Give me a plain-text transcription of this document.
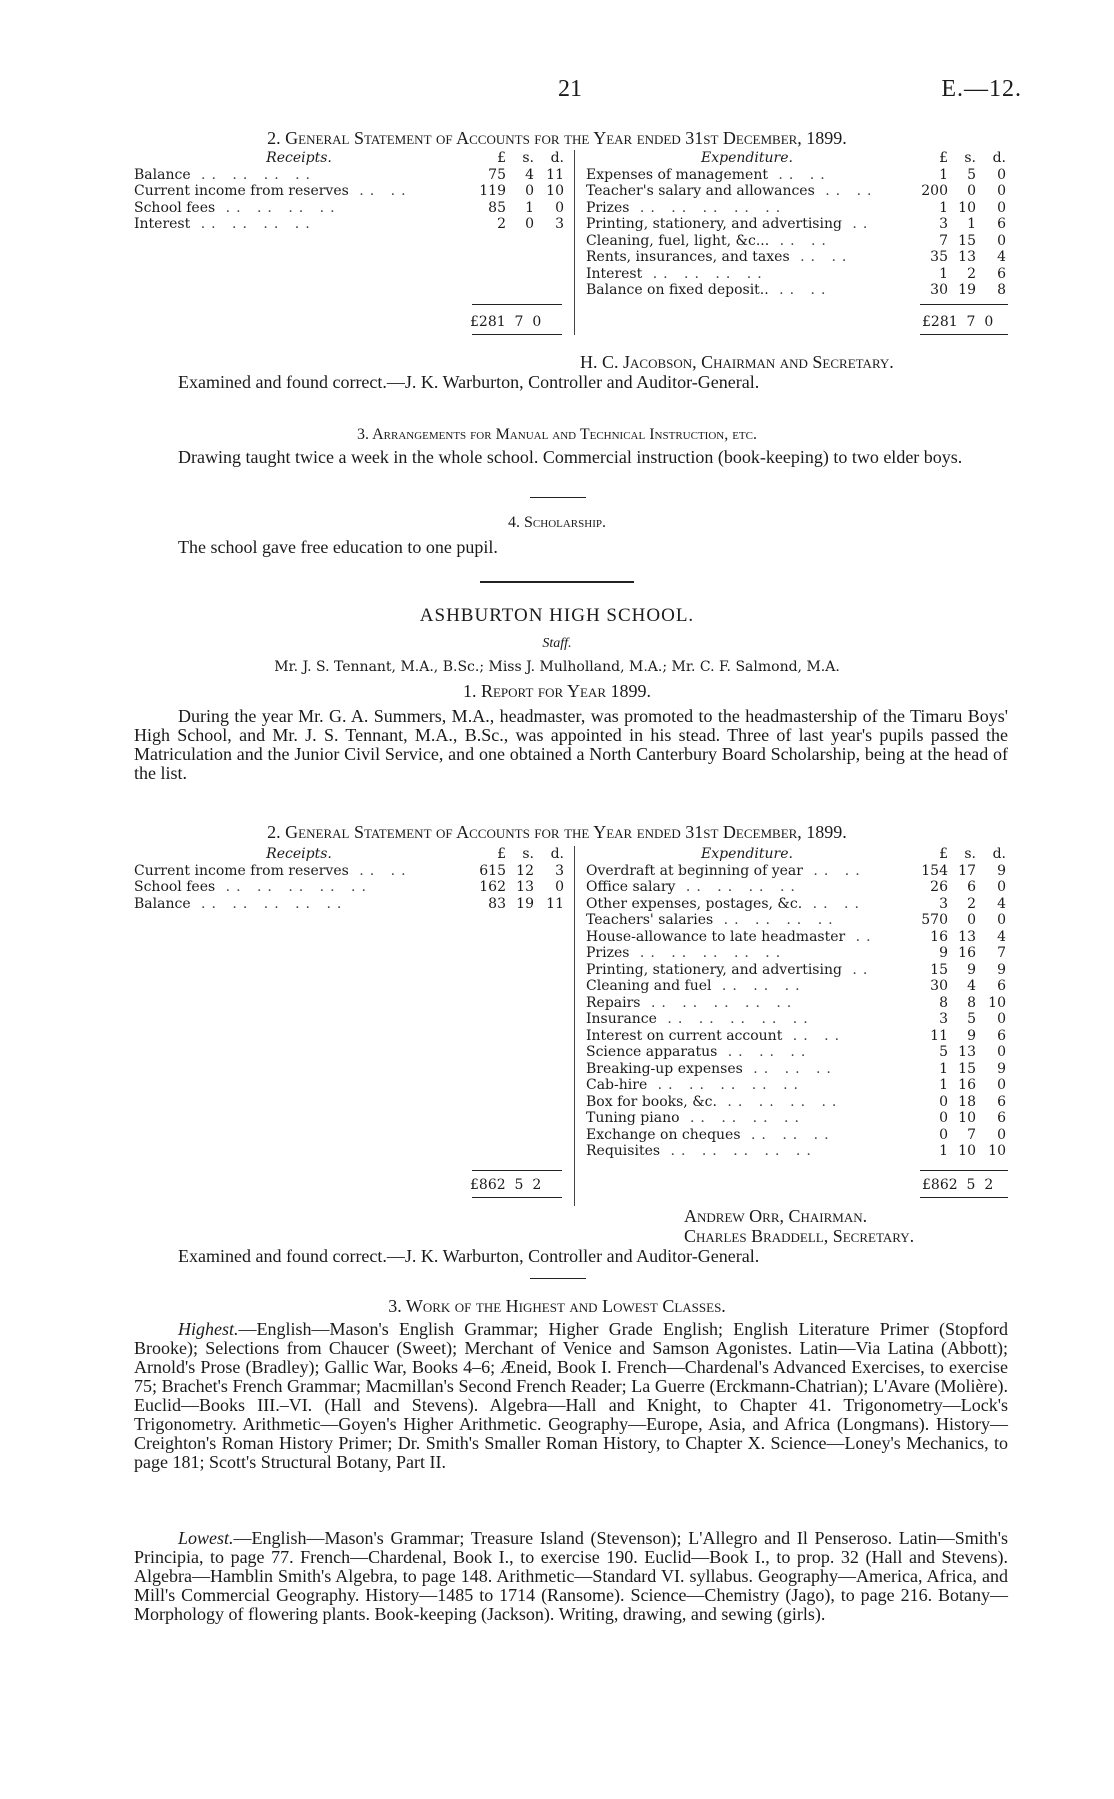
21	E.—12.
2. General Statement of Accounts for the Year ended 31st December, 1899.
Receipts.	£	s.	d.
Balance .. .. .. ..	75	4	11
Current income from reserves .. ..	119	0	10
School fees .. .. .. ..	85	1	0
Interest .. .. .. ..	2	0	3
Expenditure.	£	s.	d.
Expenses of management .. ..	1	5	0
Teacher's salary and allowances .. ..	200	0	0
Prizes .. .. .. .. ..	1	10	0
Printing, stationery, and advertising ..	3	1	6
Cleaning, fuel, light, &c... .. ..	7	15	0
Rents, insurances, and taxes .. ..	35	13	4
Interest .. .. .. ..	1	2	6
Balance on fixed deposit.. .. ..	30	19	8
£281 7 0	£281 7 0
H. C. Jacobson, Chairman and Secretary.
Examined and found correct.—J. K. Warburton, Controller and Auditor-General.
3. Arrangements for Manual and Technical Instruction, etc.

Drawing taught twice a week in the whole school. Commercial instruction (book-keeping) to two elder boys.

4. Scholarship.

The school gave free education to one pupil.

ASHBURTON HIGH SCHOOL.
Staff.
Mr. J. S. Tennant, M.A., B.Sc.; Miss J. Mulholland, M.A.; Mr. C. F. Salmond, M.A.
1. Report for Year 1899.

During the year Mr. G. A. Summers, M.A., headmaster, was promoted to the headmastership of the Timaru Boys' High School, and Mr. J. S. Tennant, M.A., B.Sc., was appointed in his stead. Three of last year's pupils passed the Matriculation and the Junior Civil Service, and one obtained a North Canterbury Board Scholarship, being at the head of the list.

2. General Statement of Accounts for the Year ended 31st December, 1899.
Receipts.	£	s.	d.
Current income from reserves .. ..	615	12	3
School fees .. .. .. .. ..	162	13	0
Balance .. .. .. .. ..	83	19	11
Expenditure.	£	s.	d.
Overdraft at beginning of year .. ..	154	17	9
Office salary .. .. .. ..	26	6	0
Other expenses, postages, &c. .. ..	3	2	4
Teachers' salaries .. .. .. ..	570	0	0
House-allowance to late headmaster ..	16	13	4
Prizes .. .. .. .. ..	9	16	7
Printing, stationery, and advertising ..	15	9	9
Cleaning and fuel .. .. ..	30	4	6
Repairs .. .. .. .. ..	8	8	10
Insurance .. .. .. .. ..	3	5	0
Interest on current account .. ..	11	9	6
Science apparatus .. .. ..	5	13	0
Breaking-up expenses .. .. ..	1	15	9
Cab-hire .. .. .. .. ..	1	16	0
Box for books, &c. .. .. .. ..	0	18	6
Tuning piano .. .. .. ..	0	10	6
Exchange on cheques .. .. ..	0	7	0
Requisites .. .. .. .. ..	1	10	10
£862 5 2	£862 5 2
Andrew Orr, Chairman.
Charles Braddell, Secretary.
Examined and found correct.—J. K. Warburton, Controller and Auditor-General.
3. Work of the Highest and Lowest Classes.

Highest.—English—Mason's English Grammar; Higher Grade English; English Literature Primer (Stopford Brooke); Selections from Chaucer (Sweet); Merchant of Venice and Samson Agonistes. Latin—Via Latina (Abbott); Arnold's Prose (Bradley); Gallic War, Books 4–6; Æneid, Book I. French—Chardenal's Advanced Exercises, to exercise 75; Brachet's French Grammar; Macmillan's Second French Reader; La Guerre (Erckmann-Chatrian); L'Avare (Molière). Euclid—Books III.–VI. (Hall and Stevens). Algebra—Hall and Knight, to Chapter 41. Trigonometry—Lock's Trigonometry. Arithmetic—Goyen's Higher Arithmetic. Geography—Europe, Asia, and Africa (Longmans). History—Creighton's Roman History Primer; Dr. Smith's Smaller Roman History, to Chapter X. Science—Loney's Mechanics, to page 181; Scott's Structural Botany, Part II.

Lowest.—English—Mason's Grammar; Treasure Island (Stevenson); L'Allegro and Il Penseroso. Latin—Smith's Principia, to page 77. French—Chardenal, Book I., to exercise 190. Euclid—Book I., to prop. 32 (Hall and Stevens). Algebra—Hamblin Smith's Algebra, to page 148. Arithmetic—Standard VI. syllabus. Geography—America, Africa, and Mill's Commercial Geography. History—1485 to 1714 (Ransome). Science—Chemistry (Jago), to page 216. Botany—Morphology of flowering plants. Book-keeping (Jackson). Writing, drawing, and sewing (girls).
